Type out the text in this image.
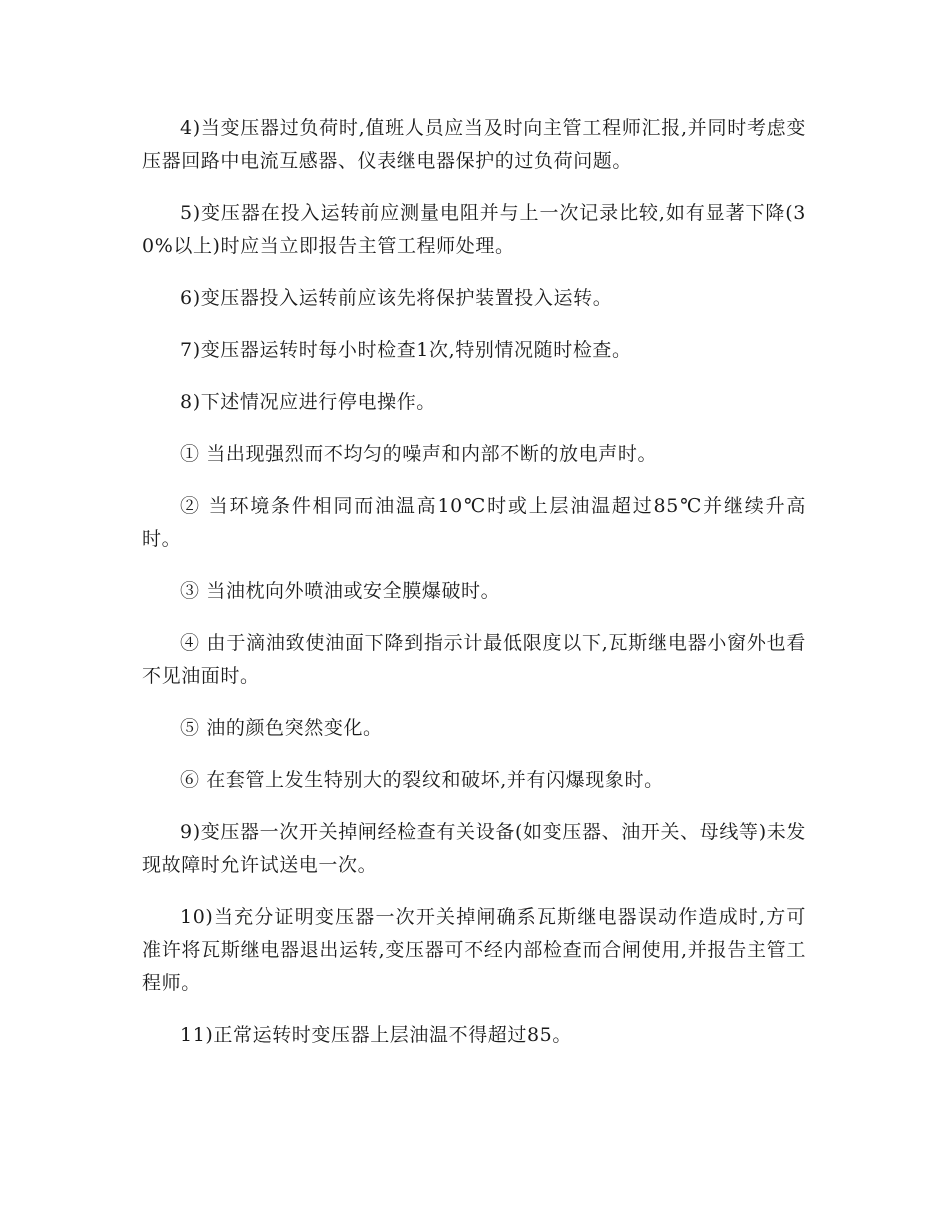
4)当变压器过负荷时,值班人员应当及时向主管工程师汇报,并同时考虑变压器回路中电流互感器、仪表继电器保护的过负荷问题。

5)变压器在投入运转前应测量电阻并与上一次记录比较,如有显著下降(30%以上)时应当立即报告主管工程师处理。

6)变压器投入运转前应该先将保护装置投入运转。

7)变压器运转时每小时检查1次,特别情况随时检查。

8)下述情况应进行停电操作。

① 当出现强烈而不均匀的噪声和内部不断的放电声时。

② 当环境条件相同而油温高10℃时或上层油温超过85℃并继续升高时。

③ 当油枕向外喷油或安全膜爆破时。

④ 由于滴油致使油面下降到指示计最低限度以下,瓦斯继电器小窗外也看不见油面时。

⑤ 油的颜色突然变化。

⑥ 在套管上发生特别大的裂纹和破坏,并有闪爆现象时。

9)变压器一次开关掉闸经检查有关设备(如变压器、油开关、母线等)未发现故障时允许试送电一次。

10)当充分证明变压器一次开关掉闸确系瓦斯继电器误动作造成时,方可准许将瓦斯继电器退出运转,变压器可不经内部检查而合闸使用,并报告主管工程师。

11)正常运转时变压器上层油温不得超过85。
